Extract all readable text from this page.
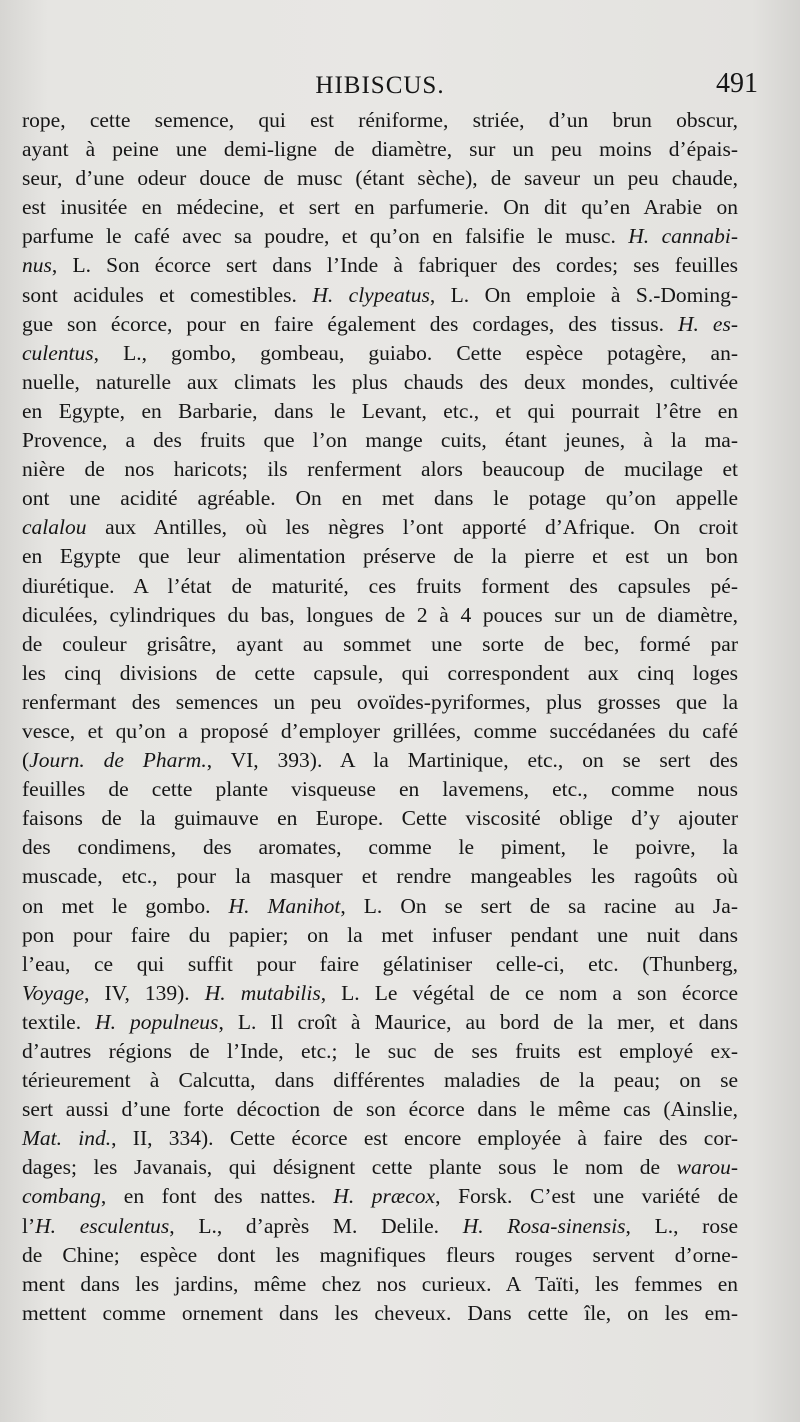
HIBISCUS.	491
rope, cette semence, qui est réniforme, striée, d’un brun obscur,
ayant à peine une demi-ligne de diamètre, sur un peu moins d’épais-
seur, d’une odeur douce de musc (étant sèche), de saveur un peu chaude,
est inusitée en médecine, et sert en parfumerie. On dit qu’en Arabie on
parfume le café avec sa poudre, et qu’on en falsifie le musc. H. cannabi-
nus, L. Son écorce sert dans l’Inde à fabriquer des cordes; ses feuilles
sont acidules et comestibles. H. clypeatus, L. On emploie à S.-Doming-
gue son écorce, pour en faire également des cordages, des tissus. H. es-
culentus, L., gombo, gombeau, guiabo. Cette espèce potagère, an-
nuelle, naturelle aux climats les plus chauds des deux mondes, cultivée
en Egypte, en Barbarie, dans le Levant, etc., et qui pourrait l’être en
Provence, a des fruits que l’on mange cuits, étant jeunes, à la ma-
nière de nos haricots; ils renferment alors beaucoup de mucilage et
ont une acidité agréable. On en met dans le potage qu’on appelle
calalou aux Antilles, où les nègres l’ont apporté d’Afrique. On croit
en Egypte que leur alimentation préserve de la pierre et est un bon
diurétique. A l’état de maturité, ces fruits forment des capsules pé-
diculées, cylindriques du bas, longues de 2 à 4 pouces sur un de diamètre,
de couleur grisâtre, ayant au sommet une sorte de bec, formé par
les cinq divisions de cette capsule, qui correspondent aux cinq loges
renfermant des semences un peu ovoïdes-pyriformes, plus grosses que la
vesce, et qu’on a proposé d’employer grillées, comme succédanées du café
(Journ. de Pharm., VI, 393). A la Martinique, etc., on se sert des
feuilles de cette plante visqueuse en lavemens, etc., comme nous
faisons de la guimauve en Europe. Cette viscosité oblige d’y ajouter
des condimens, des aromates, comme le piment, le poivre, la
muscade, etc., pour la masquer et rendre mangeables les ragoûts où
on met le gombo. H. Manihot, L. On se sert de sa racine au Ja-
pon pour faire du papier; on la met infuser pendant une nuit dans
l’eau, ce qui suffit pour faire gélatiniser celle-ci, etc. (Thunberg,
Voyage, IV, 139). H. mutabilis, L. Le végétal de ce nom a son écorce
textile. H. populneus, L. Il croît à Maurice, au bord de la mer, et dans
d’autres régions de l’Inde, etc.; le suc de ses fruits est employé ex-
térieurement à Calcutta, dans différentes maladies de la peau; on se
sert aussi d’une forte décoction de son écorce dans le même cas (Ainslie,
Mat. ind., II, 334). Cette écorce est encore employée à faire des cor-
dages; les Javanais, qui désignent cette plante sous le nom de warou-
combang, en font des nattes. H. præcox, Forsk. C’est une variété de
l’H. esculentus, L., d’après M. Delile. H. Rosa-sinensis, L., rose
de Chine; espèce dont les magnifiques fleurs rouges servent d’orne-
ment dans les jardins, même chez nos curieux. A Taïti, les femmes en
mettent comme ornement dans les cheveux. Dans cette île, on les em-
